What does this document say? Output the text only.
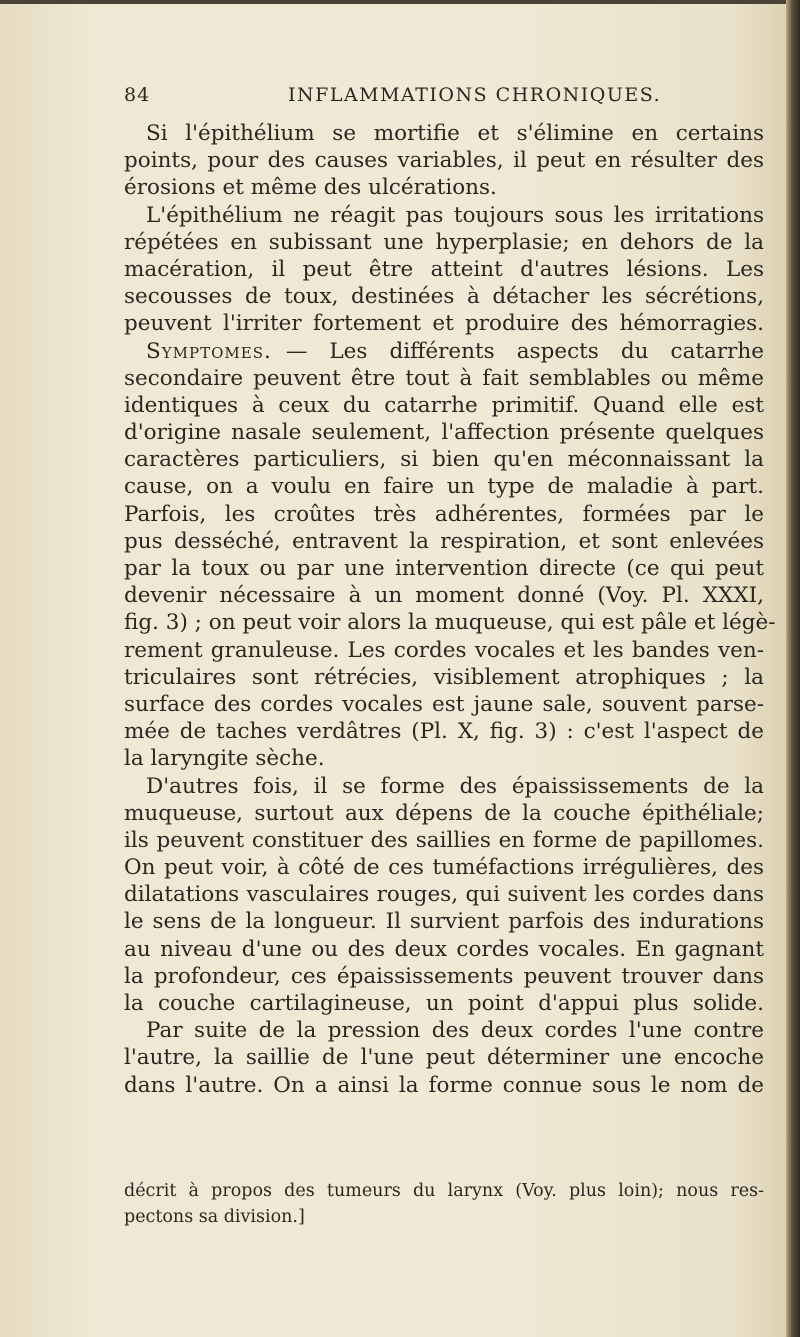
84	INFLAMMATIONS CHRONIQUES.
Si l'épithélium se mortifie et s'élimine en certains
points, pour des causes variables, il peut en résulter des
érosions et même des ulcérations.
L'épithélium ne réagit pas toujours sous les irritations
répétées en subissant une hyperplasie; en dehors de la
macération, il peut être atteint d'autres lésions. Les
secousses de toux, destinées à détacher les sécrétions,
peuvent l'irriter fortement et produire des hémorragies.
Symptomes. — Les différents aspects du catarrhe
secondaire peuvent être tout à fait semblables ou même
identiques à ceux du catarrhe primitif. Quand elle est
d'origine nasale seulement, l'affection présente quelques
caractères particuliers, si bien qu'en méconnaissant la
cause, on a voulu en faire un type de maladie à part.
Parfois, les croûtes très adhérentes, formées par le
pus desséché, entravent la respiration, et sont enlevées
par la toux ou par une intervention directe (ce qui peut
devenir nécessaire à un moment donné (Voy. Pl. XXXI,
fig. 3) ; on peut voir alors la muqueuse, qui est pâle et légè-
rement granuleuse. Les cordes vocales et les bandes ven-
triculaires sont rétrécies, visiblement atrophiques ; la
surface des cordes vocales est jaune sale, souvent parse-
mée de taches verdâtres (Pl. X, fig. 3) : c'est l'aspect de
la laryngite sèche.
D'autres fois, il se forme des épaississements de la
muqueuse, surtout aux dépens de la couche épithéliale;
ils peuvent constituer des saillies en forme de papillomes.
On peut voir, à côté de ces tuméfactions irrégulières, des
dilatations vasculaires rouges, qui suivent les cordes dans
le sens de la longueur. Il survient parfois des indurations
au niveau d'une ou des deux cordes vocales. En gagnant
la profondeur, ces épaississements peuvent trouver dans
la couche cartilagineuse, un point d'appui plus solide.
Par suite de la pression des deux cordes l'une contre
l'autre, la saillie de l'une peut déterminer une encoche
dans l'autre. On a ainsi la forme connue sous le nom de
décrit à propos des tumeurs du larynx (Voy. plus loin); nous res-
pectons sa division.]
